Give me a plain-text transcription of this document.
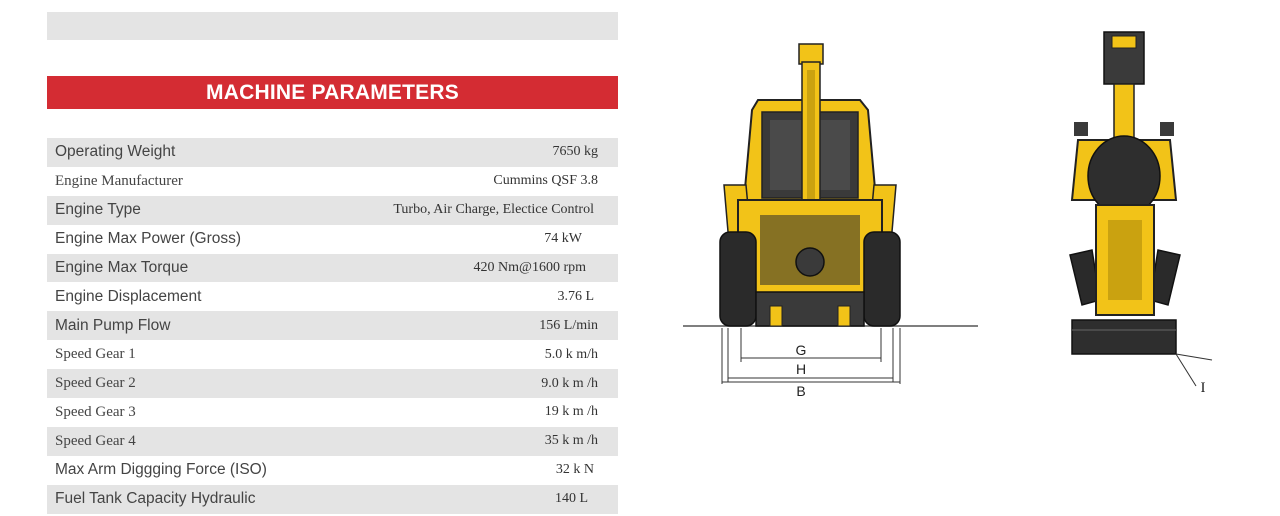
MACHINE PARAMETERS
Operating Weight	7650 kg
Engine Manufacturer	Cummins QSF 3.8
Engine Type	Turbo, Air Charge, Electice Control
Engine Max Power (Gross)	74 kW
Engine Max Torque	420 Nm@1600 rpm
Engine Displacement	3.76 L
Main Pump Flow	156 L/min
Speed Gear 1	5.0 k m/h
Speed Gear 2	9.0 k m /h
Speed Gear 3	19 k m /h
Speed Gear 4	35 k m /h
Max Arm Diggging Force (ISO)	32 k N
Fuel Tank Capacity Hydraulic	140 L
G
H
B	I
